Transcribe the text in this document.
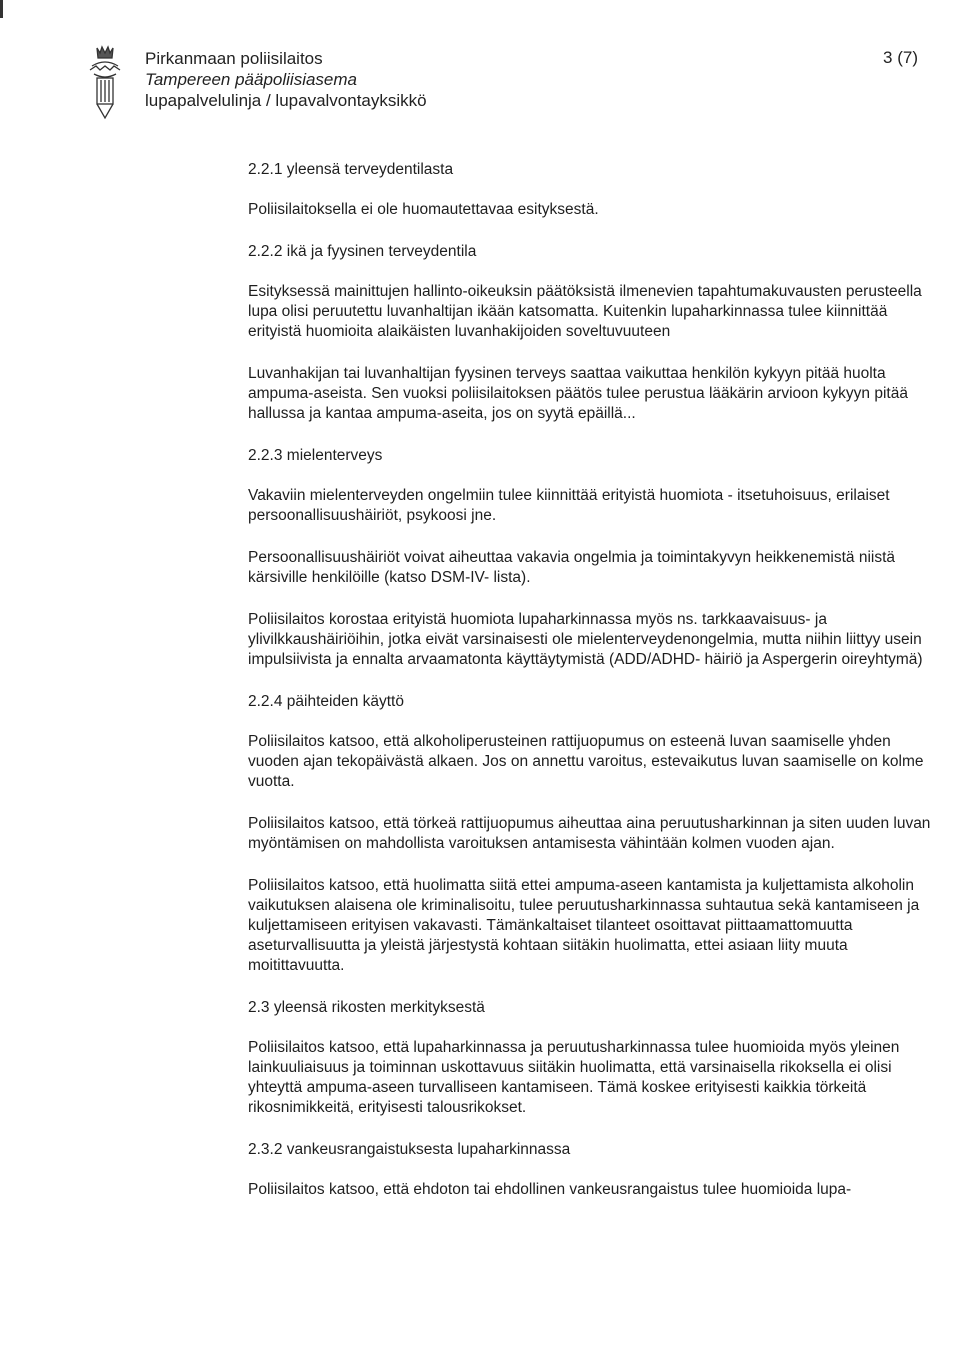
Pirkanmaan poliisilaitos
Tampereen pääpoliisiasema
lupapalvelulinja / lupavalvontayksikkö
3 (7)

2.2.1 yleensä terveydentilasta

Poliisilaitoksella ei ole huomautettavaa esityksestä.

2.2.2 ikä ja fyysinen terveydentila

Esityksessä mainittujen hallinto-oikeuksin päätöksistä ilmenevien tapahtumakuvausten perusteella lupa olisi peruutettu luvanhaltijan ikään katsomatta. Kuitenkin lupaharkinnassa tulee kiinnittää erityistä huomioita alaikäisten luvanhakijoiden soveltuvuuteen

Luvanhakijan tai luvanhaltijan fyysinen terveys saattaa vaikuttaa henkilön kykyyn pitää huolta ampuma-aseista. Sen vuoksi poliisilaitoksen päätös tulee perustua lääkärin arvioon kykyyn pitää hallussa ja kantaa ampuma-aseita, jos on syytä epäillä...

2.2.3 mielenterveys

Vakaviin mielenterveyden ongelmiin tulee kiinnittää erityistä huomiota - itsetuhoisuus, erilaiset persoonallisuushäiriöt, psykoosi jne.

Persoonallisuushäiriöt voivat aiheuttaa vakavia ongelmia ja toimintakyvyn heikkenemistä niistä kärsiville henkilöille (katso DSM-IV- lista).

Poliisilaitos korostaa erityistä huomiota lupaharkinnassa myös ns. tarkkaavaisuus- ja ylivilkkaushäiriöihin, jotka eivät varsinaisesti ole mielenterveydenongelmia, mutta niihin liittyy usein impulsiivista ja ennalta arvaamatonta käyttäytymistä (ADD/ADHD- häiriö ja Aspergerin oireyhtymä)

2.2.4 päihteiden käyttö

Poliisilaitos katsoo, että alkoholiperusteinen rattijuopumus on esteenä luvan saamiselle yhden vuoden ajan tekopäivästä alkaen. Jos on annettu varoitus, estevaikutus luvan saamiselle on kolme vuotta.

Poliisilaitos katsoo, että törkeä rattijuopumus aiheuttaa aina peruutusharkinnan ja siten uuden luvan myöntämisen on mahdollista varoituksen antamisesta vähintään kolmen vuoden ajan.

Poliisilaitos katsoo, että huolimatta siitä ettei ampuma-aseen kantamista ja kuljettamista alkoholin vaikutuksen alaisena ole kriminalisoitu, tulee peruutusharkinnassa suhtautua sekä kantamiseen ja kuljettamiseen erityisen vakavasti. Tämänkaltaiset tilanteet osoittavat piittaamattomuutta aseturvallisuutta ja yleistä järjestystä kohtaan siitäkin huolimatta, ettei asiaan liity muuta moitittavuutta.

2.3 yleensä rikosten merkityksestä

Poliisilaitos katsoo, että lupaharkinnassa ja peruutusharkinnassa tulee huomioida myös yleinen lainkuuliaisuus ja toiminnan uskottavuus siitäkin huolimatta, että varsinaisella rikoksella ei olisi yhteyttä ampuma-aseen turvalliseen kantamiseen. Tämä koskee erityisesti kaikkia törkeitä rikosnimikkeitä, erityisesti talousrikokset.

2.3.2 vankeusrangaistuksesta lupaharkinnassa

Poliisilaitos katsoo, että ehdoton tai ehdollinen vankeusrangaistus tulee huomioida lupa-
